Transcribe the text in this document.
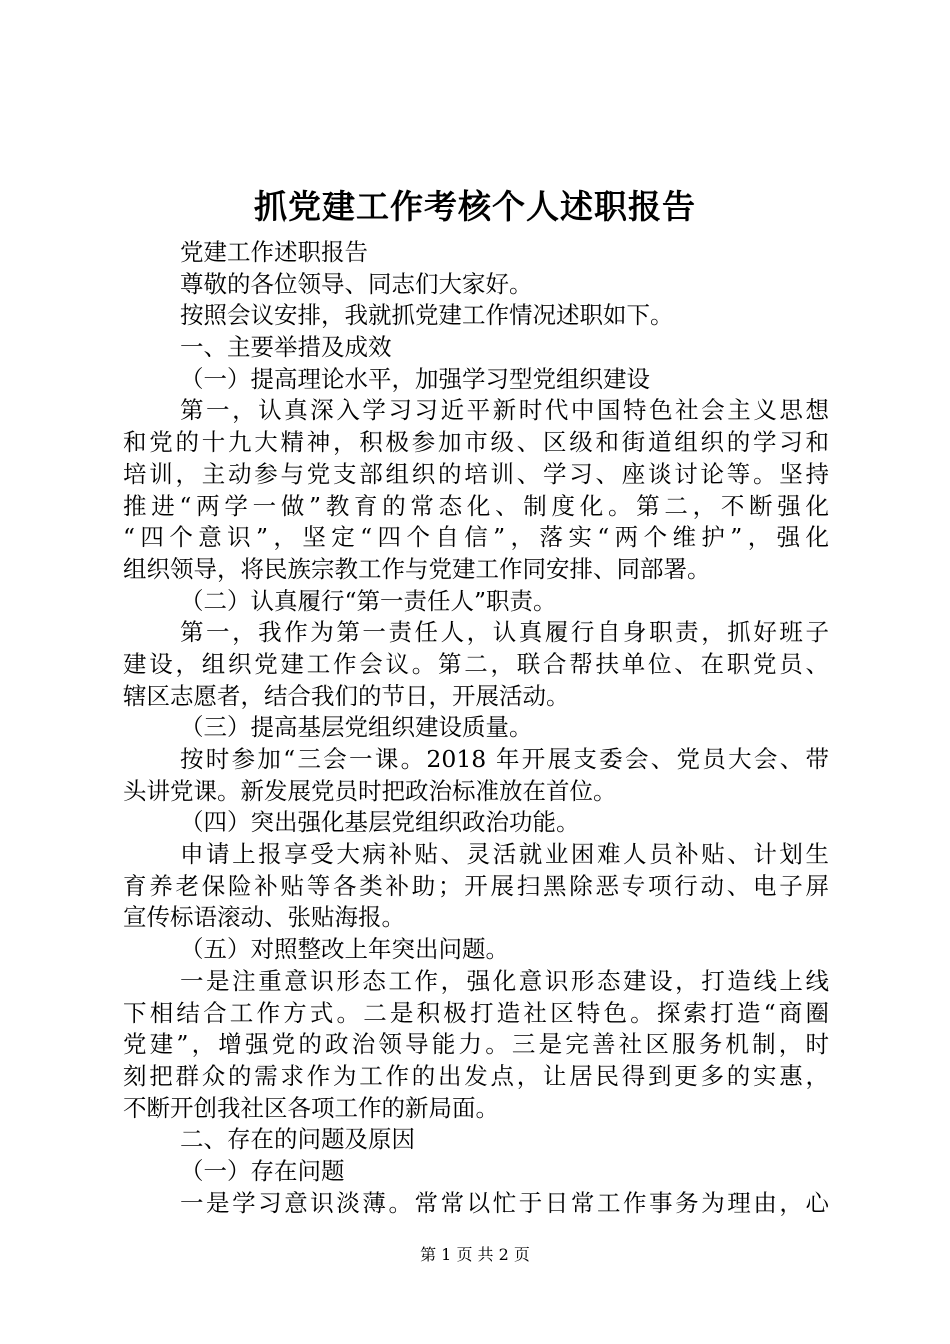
抓党建工作考核个人述职报告
党建工作述职报告
尊敬的各位领导、同志们大家好。
按照会议安排，我就抓党建工作情况述职如下。
一、主要举措及成效
（一）提高理论水平，加强学习型党组织建设
第一，认真深入学习习近平新时代中国特色社会主义思想
和党的十九大精神，积极参加市级、区级和街道组织的学习和
培训，主动参与党支部组织的培训、学习、座谈讨论等。坚持
推进“两学一做”教育的常态化、制度化。第二，不断强化
“四个意识”，坚定“四个自信”，落实“两个维护”，强化
组织领导，将民族宗教工作与党建工作同安排、同部署。
（二）认真履行“第一责任人”职责。
第一，我作为第一责任人，认真履行自身职责，抓好班子
建设，组织党建工作会议。第二，联合帮扶单位、在职党员、
辖区志愿者，结合我们的节日，开展活动。
（三）提高基层党组织建设质量。
按时参加“三会一课。2018 年开展支委会、党员大会、带
头讲党课。新发展党员时把政治标准放在首位。
（四）突出强化基层党组织政治功能。
申请上报享受大病补贴、灵活就业困难人员补贴、计划生
育养老保险补贴等各类补助；开展扫黑除恶专项行动、电子屏
宣传标语滚动、张贴海报。
（五）对照整改上年突出问题。
一是注重意识形态工作，强化意识形态建设，打造线上线
下相结合工作方式。二是积极打造社区特色。探索打造“商圈
党建”，增强党的政治领导能力。三是完善社区服务机制，时
刻把群众的需求作为工作的出发点，让居民得到更多的实惠，
不断开创我社区各项工作的新局面。
二、存在的问题及原因
（一）存在问题
一是学习意识淡薄。常常以忙于日常工作事务为理由，心
第 1 页 共 2 页
